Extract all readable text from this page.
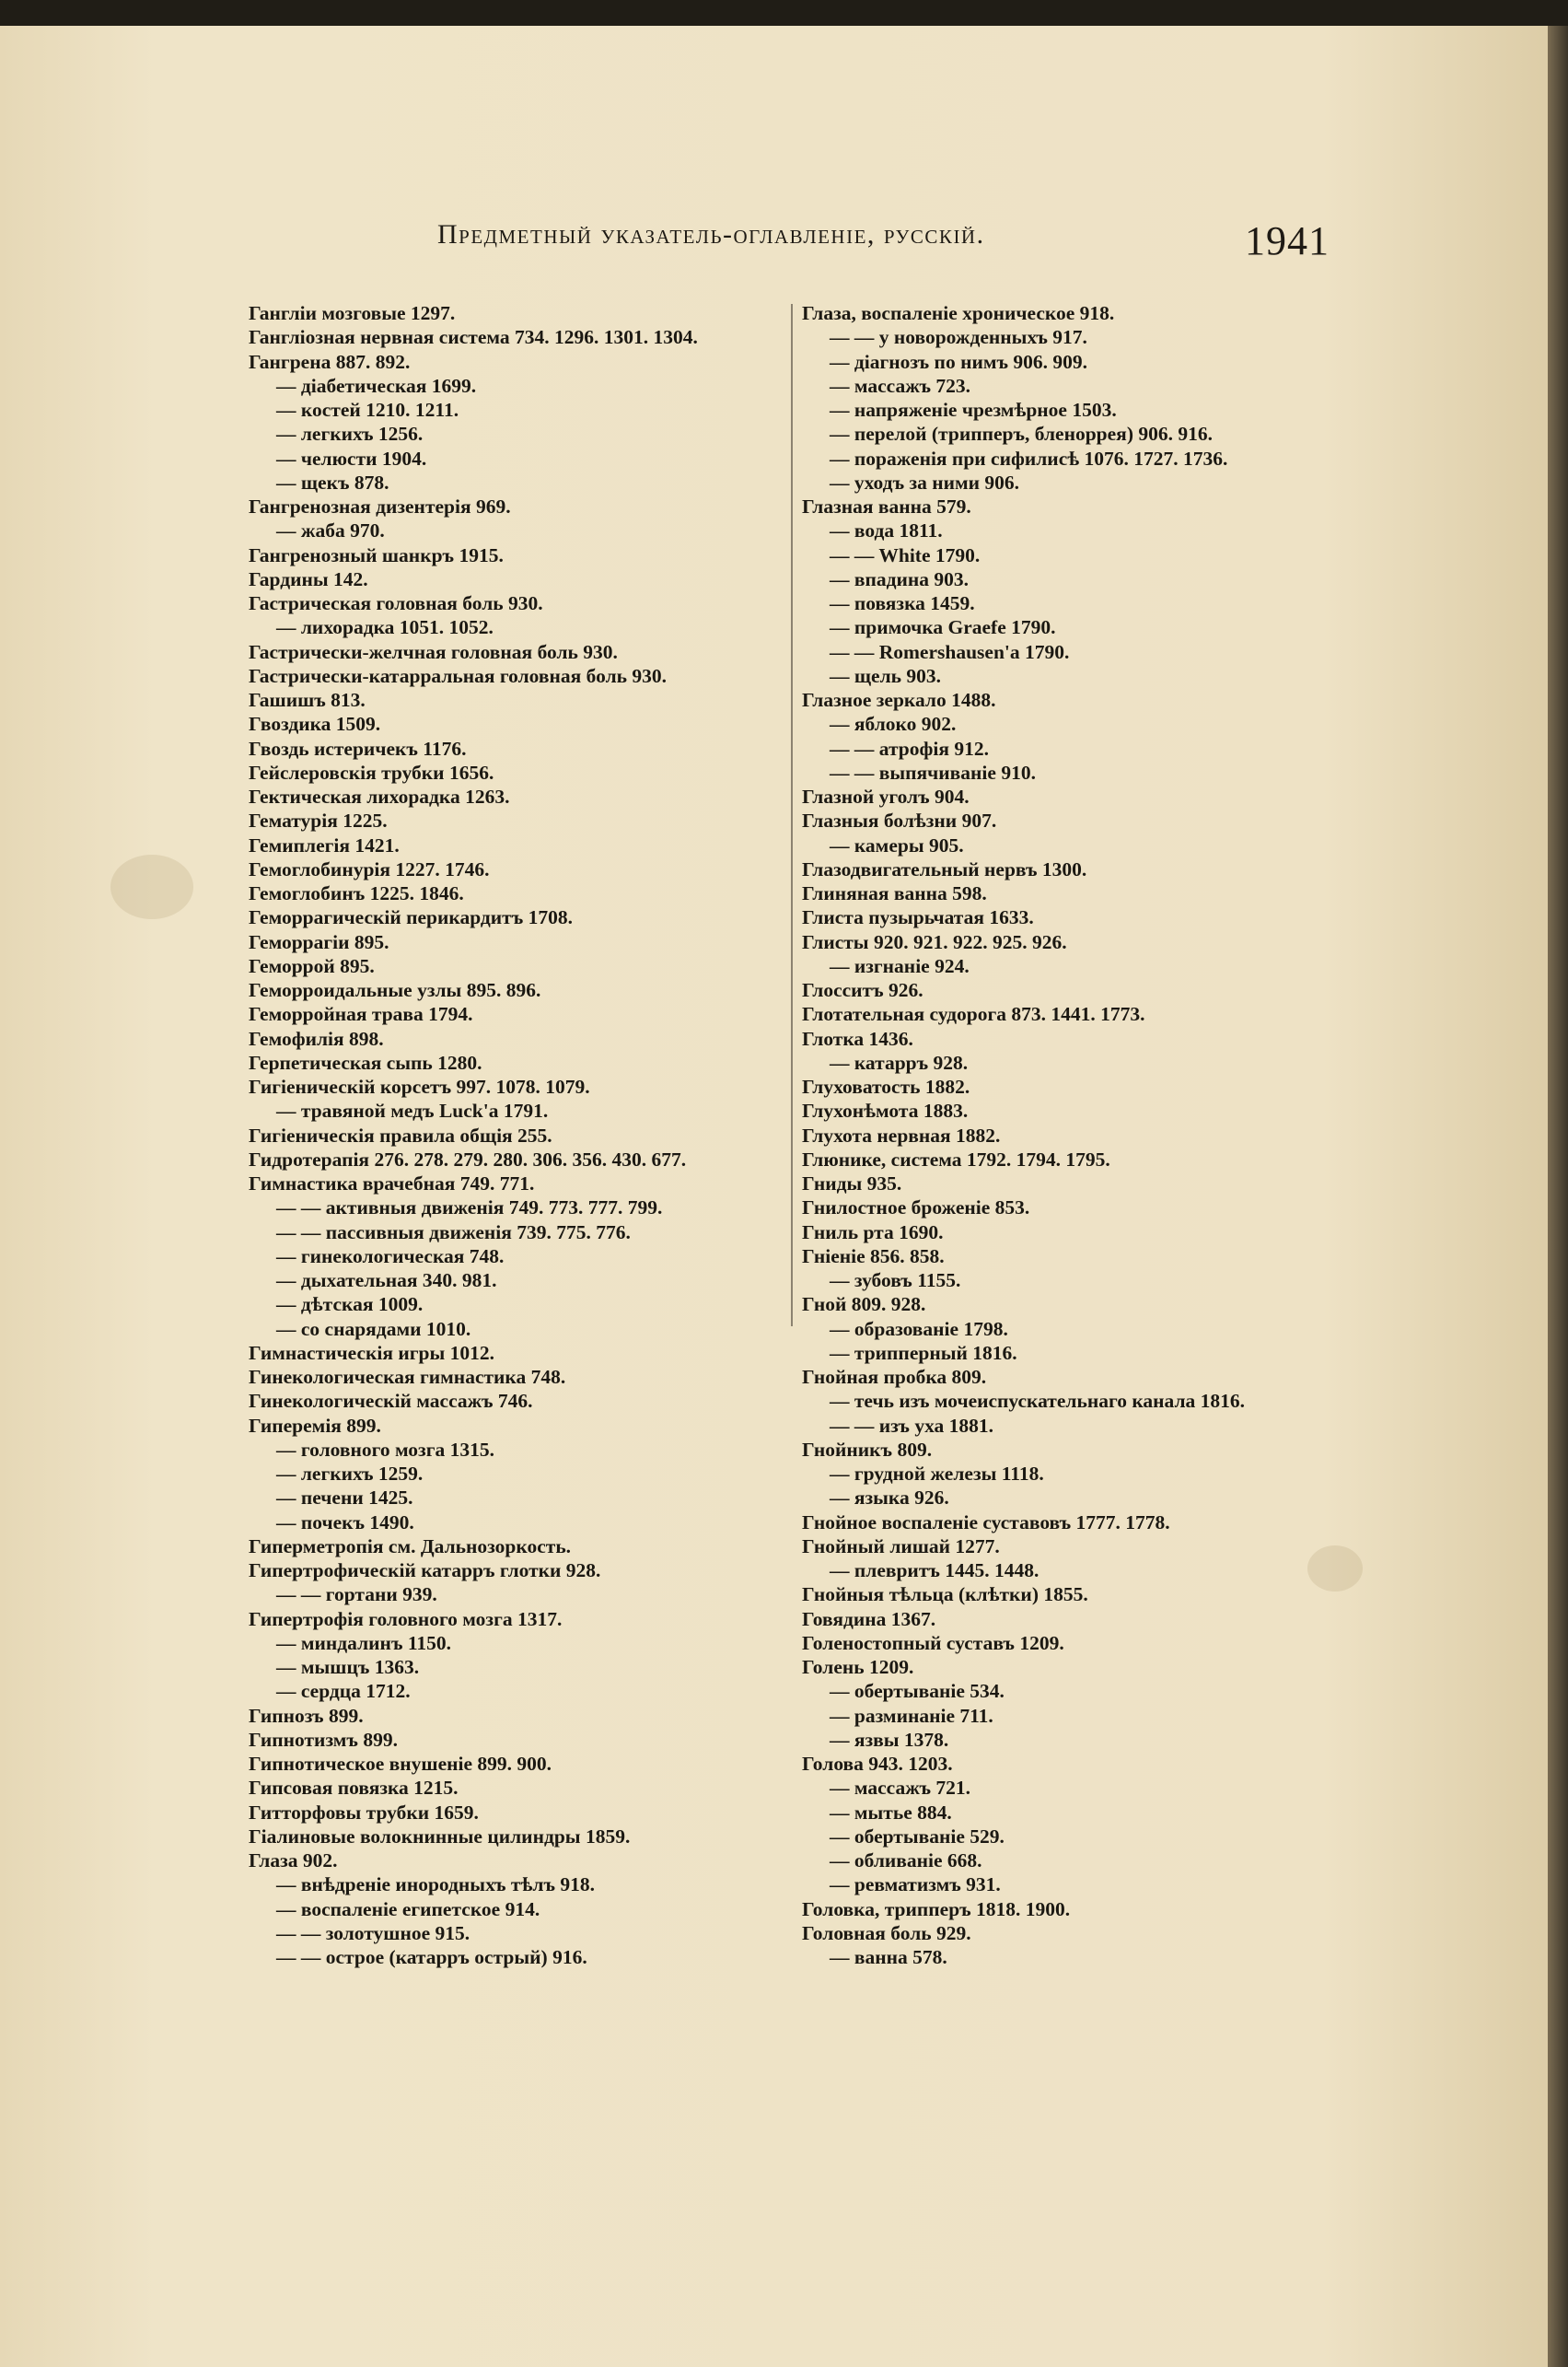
Предметный указатель-оглавленіе, русскій.	1941
Гангліи мозговые 1297.
Гангліозная нервная система 734. 1296. 1301. 1304.
Гангрена 887. 892.
— діабетическая 1699.
— костей 1210. 1211.
— легкихъ 1256.
— челюсти 1904.
— щекъ 878.
Гангренозная дизентерія 969.
— жаба 970.
Гангренозный шанкръ 1915.
Гардины 142.
Гастрическая головная боль 930.
— лихорадка 1051. 1052.
Гастрически-желчная головная боль 930.
Гастрически-катарральная головная боль 930.
Гашишъ 813.
Гвоздика 1509.
Гвоздь истеричекъ 1176.
Гейслеровскія трубки 1656.
Гектическая лихорадка 1263.
Гематурія 1225.
Гемиплегія 1421.
Гемоглобинурія 1227. 1746.
Гемоглобинъ 1225. 1846.
Геморрагическій перикардитъ 1708.
Геморрагіи 895.
Геморрой 895.
Геморроидальные узлы 895. 896.
Геморройная трава 1794.
Гемофилія 898.
Герпетическая сыпь 1280.
Гигіеническій корсетъ 997. 1078. 1079.
— травяной медъ Luck'а 1791.
Гигіеническія правила общія 255.
Гидротерапія 276. 278. 279. 280. 306. 356. 430. 677.
Гимнастика врачебная 749. 771.
— — активныя движенія 749. 773. 777. 799.
— — пассивныя движенія 739. 775. 776.
— гинекологическая 748.
— дыхательная 340. 981.
— дѣтская 1009.
— со снарядами 1010.
Гимнастическія игры 1012.
Гинекологическая гимнастика 748.
Гинекологическій массажъ 746.
Гиперемія 899.
— головного мозга 1315.
— легкихъ 1259.
— печени 1425.
— почекъ 1490.
Гиперметропія см. Дальнозоркость.
Гипертрофическій катарръ глотки 928.
— — гортани 939.
Гипертрофія головного мозга 1317.
— миндалинъ 1150.
— мышцъ 1363.
— сердца 1712.
Гипнозъ 899.
Гипнотизмъ 899.
Гипнотическое внушеніе 899. 900.
Гипсовая повязка 1215.
Гитторфовы трубки 1659.
Гіалиновые волокнинные цилиндры 1859.
Глаза 902.
— внѣдреніе инородныхъ тѣлъ 918.
— воспаленіе египетское 914.
— — золотушное 915.
— — острое (катарръ острый) 916.
Глаза, воспаленіе хроническое 918.
— — у новорожденныхъ 917.
— діагнозъ по нимъ 906. 909.
— массажъ 723.
— напряженіе чрезмѣрное 1503.
— перелой (трипперъ, бленоррея) 906. 916.
— пораженія при сифилисѣ 1076. 1727. 1736.
— уходъ за ними 906.
Глазная ванна 579.
— вода 1811.
— — White 1790.
— впадина 903.
— повязка 1459.
— примочка Graefe 1790.
— — Romershausen'а 1790.
— щель 903.
Глазное зеркало 1488.
— яблоко 902.
— — атрофія 912.
— — выпячиваніе 910.
Глазной уголъ 904.
Глазныя болѣзни 907.
— камеры 905.
Глазодвигательный нервъ 1300.
Глиняная ванна 598.
Глиста пузырьчатая 1633.
Глисты 920. 921. 922. 925. 926.
— изгнаніе 924.
Глосситъ 926.
Глотательная судорога 873. 1441. 1773.
Глотка 1436.
— катарръ 928.
Глуховатость 1882.
Глухонѣмота 1883.
Глухота нервная 1882.
Глюнике, система 1792. 1794. 1795.
Гниды 935.
Гнилостное броженіе 853.
Гниль рта 1690.
Гніеніе 856. 858.
— зубовъ 1155.
Гной 809. 928.
— образованіе 1798.
— трипперный 1816.
Гнойная пробка 809.
— течь изъ мочеиспускательнаго канала 1816.
— — изъ уха 1881.
Гнойникъ 809.
— грудной железы 1118.
— языка 926.
Гнойное воспаленіе суставовъ 1777. 1778.
Гнойный лишай 1277.
— плевритъ 1445. 1448.
Гнойныя тѣльца (клѣтки) 1855.
Говядина 1367.
Голеностопный суставъ 1209.
Голень 1209.
— обертываніе 534.
— разминаніе 711.
— язвы 1378.
Голова 943. 1203.
— массажъ 721.
— мытье 884.
— обертываніе 529.
— обливаніе 668.
— ревматизмъ 931.
Головка, трипперъ 1818. 1900.
Головная боль 929.
— ванна 578.
